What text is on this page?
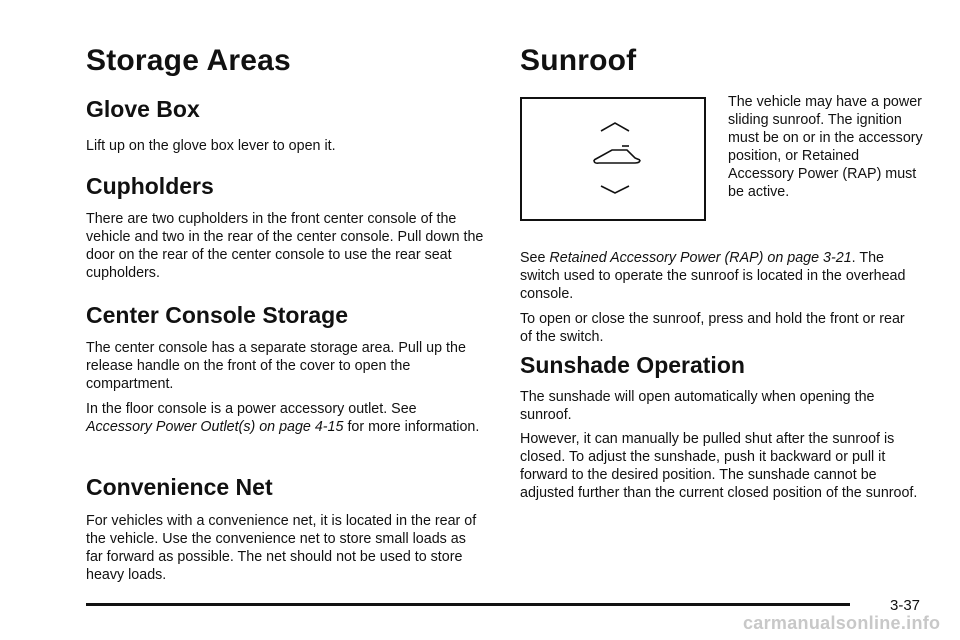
Storage Areas
Glove Box

Lift up on the glove box lever to open it.

Cupholders

There are two cupholders in the front center console of the vehicle and two in the rear of the center console. Pull down the door on the rear of the center console to use the rear seat cupholders.

Center Console Storage

The center console has a separate storage area. Pull up the release handle on the front of the cover to open the compartment.

In the floor console is a power accessory outlet. See Accessory Power Outlet(s) on page 4-15 for more information.

Convenience Net

For vehicles with a convenience net, it is located in the rear of the vehicle. Use the convenience net to store small loads as far forward as possible. The net should not be used to store heavy loads.

Sunroof

The vehicle may have a power sliding sunroof. The ignition must be on or in the accessory position, or Retained Accessory Power (RAP) must be active.

See Retained Accessory Power (RAP) on page 3-21. The switch used to operate the sunroof is located in the overhead console.

To open or close the sunroof, press and hold the front or rear of the switch.

Sunshade Operation

The sunshade will open automatically when opening the sunroof.

However, it can manually be pulled shut after the sunroof is closed. To adjust the sunshade, push it backward or pull it forward to the desired position. The sunshade cannot be adjusted further than the current closed position of the sunroof.

3-37
carmanualsonline.info
